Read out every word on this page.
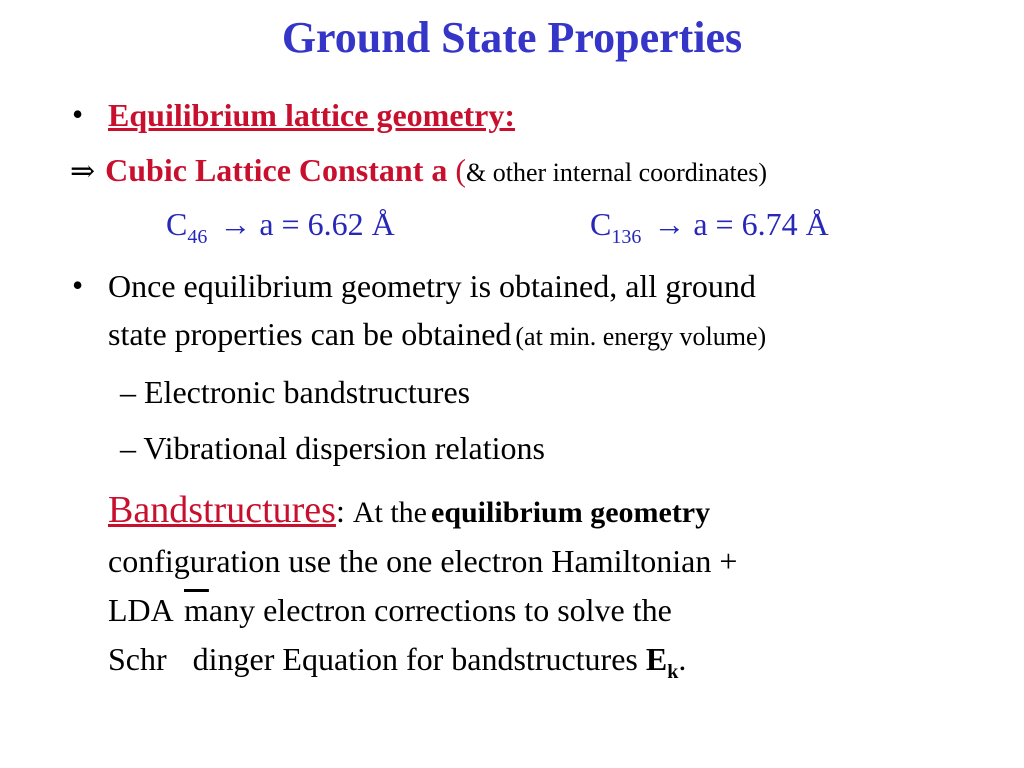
Ground State Properties
• Equilibrium lattice geometry:
⇒ Cubic Lattice Constant a (& other internal coordinates)
$C_{46} \to a = 6.62$ Å	$C_{136} \to a = 6.74$ Å
• Once equilibrium geometry is obtained, all ground
state properties can be obtained (at min. energy volume)
– Electronic bandstructures
– Vibrational dispersion relations
Bandstructures: At the equilibrium geometry
configuration use the one electron Hamiltonian +
LDA $\overline{m}any$ electron corrections to solve the
Schr dinger Equation for bandstructures $E_k$.
